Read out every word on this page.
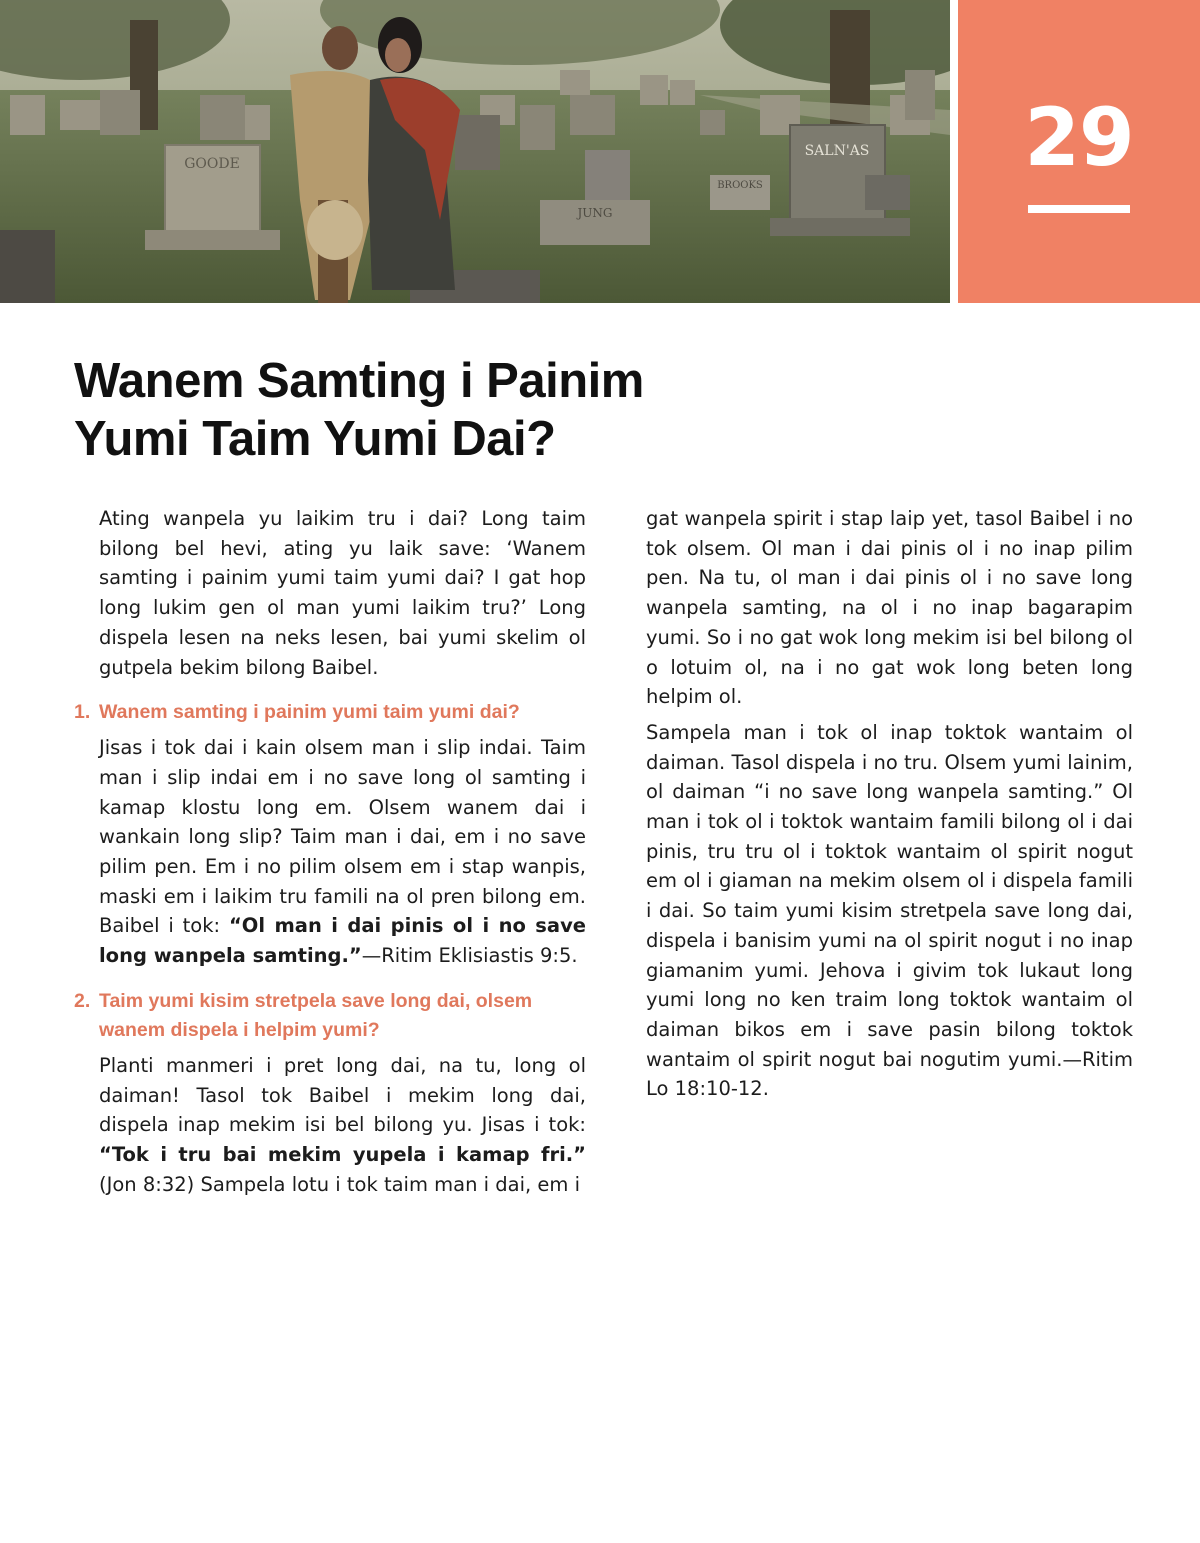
GOODE
SALN'AS
BROOKS
JUNG
29
Wanem Samting i Painim
Yumi Taim Yumi Dai?

Ating wanpela yu laikim tru i dai? Long taim bilong bel hevi, ating yu laik save: ‘Wanem samting i painim yumi taim yumi dai? I gat hop long lukim gen ol man yumi laikim tru?’ Long dispela lesen na neks lesen, bai yumi skelim ol gutpela bekim bilong Baibel.

1. Wanem samting i painim yumi taim yumi dai?

Jisas i tok dai i kain olsem man i slip indai. Taim man i slip indai em i no save long ol samting i kamap klostu long em. Olsem wanem dai i wankain long slip? Taim man i dai, em i no save pilim pen. Em i no pilim olsem em i stap wanpis, maski em i laikim tru famili na ol pren bilong em. Baibel i tok: “Ol man i dai pinis ol i no save long wanpela samting.”—Ritim Eklisiastis 9:5.

2. Taim yumi kisim stretpela save long dai, olsem wanem dispela i helpim yumi?

Planti manmeri i pret long dai, na tu, long ol daiman! Tasol tok Baibel i mekim long dai, dispela inap mekim isi bel bilong yu. Jisas i tok: “Tok i tru bai mekim yupela i kamap fri.” (Jon 8:32) Sampela lotu i tok taim man i dai, em i

gat wanpela spirit i stap laip yet, tasol Baibel i no tok olsem. Ol man i dai pinis ol i no inap pilim pen. Na tu, ol man i dai pinis ol i no save long wanpela samting, na ol i no inap bagarapim yumi. So i no gat wok long mekim isi bel bilong ol o lotuim ol, na i no gat wok long beten long helpim ol.

Sampela man i tok ol inap toktok wantaim ol daiman. Tasol dispela i no tru. Olsem yumi lainim, ol daiman “i no save long wanpela samting.” Ol man i tok ol i toktok wantaim famili bilong ol i dai pinis, tru tru ol i toktok wantaim ol spirit nogut em ol i giaman na mekim olsem ol i dispela famili i dai. So taim yumi kisim stretpela save long dai, dispela i banisim yumi na ol spirit nogut i no inap giamanim yumi. Jehova i givim tok lukaut long yumi long no ken traim long toktok wantaim ol daiman bikos em i save pasin bilong toktok wantaim ol spirit nogut bai nogutim yumi.—Ritim Lo 18:10-12.
